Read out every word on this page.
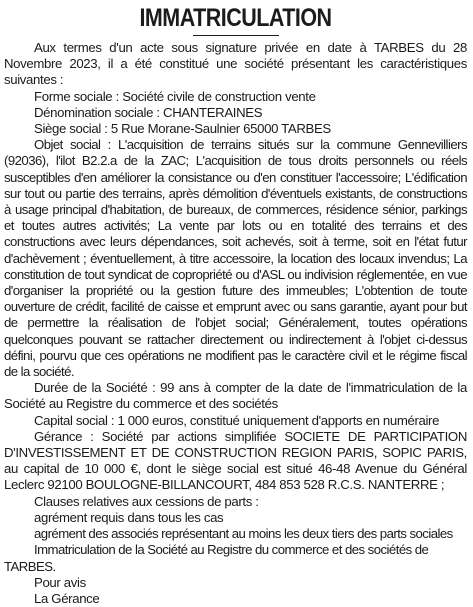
IMMATRICULATION

Aux termes d'un acte sous signature privée en date à TARBES du 28 Novembre 2023, il a été constitué une société présentant les caractéristiques suivantes :

Forme sociale : Société civile de construction vente

Dénomination sociale : CHANTERAINES

Siège social : 5 Rue Morane-Saulnier 65000 TARBES

Objet social : L'acquisition de terrains situés sur la commune Gennevilliers (92036), l'ilot B2.2.a de la ZAC; L'acquisition de tous droits personnels ou réels susceptibles d'en améliorer la consistance ou d'en constituer l'accessoire; L'édification sur tout ou partie des terrains, après démolition d'éventuels existants, de constructions à usage principal d'habitation, de bureaux, de commerces, résidence sénior, parkings et toutes autres activités; La vente par lots ou en totalité des terrains et des constructions avec leurs dépendances, soit achevés, soit à terme, soit en l'état futur d'achèvement ; éventuellement, à titre accessoire, la location des locaux invendus; La constitution de tout syndicat de copropriété ou d'ASL ou indivision réglementée, en vue d'organiser la propriété ou la gestion future des immeubles; L'obtention de toute ouverture de crédit, facilité de caisse et emprunt avec ou sans garantie, ayant pour but de permettre la réalisation de l'objet social; Généralement, toutes opérations quelconques pouvant se rattacher directement ou indirectement à l'objet ci-dessus défini, pourvu que ces opérations ne modifient pas le caractère civil et le régime fiscal de la société.

Durée de la Société : 99 ans à compter de la date de l'immatriculation de la Société au Registre du commerce et des sociétés

Capital social : 1 000 euros, constitué uniquement d'apports en numéraire

Gérance : Société par actions simplifiée SOCIETE DE PARTICIPATION D'INVESTISSEMENT ET DE CONSTRUCTION REGION PARIS, SOPIC PARIS, au capital de 10 000 €, dont le siège social est situé 46-48 Avenue du Général Leclerc 92100 BOULOGNE-BILLANCOURT, 484 853 528 R.C.S. NANTERRE ;

Clauses relatives aux cessions de parts :

agrément requis dans tous les cas

agrément des associés représentant au moins les deux tiers des parts sociales

Immatriculation de la Société au Registre du commerce et des sociétés de TARBES.

Pour avis

La Gérance
